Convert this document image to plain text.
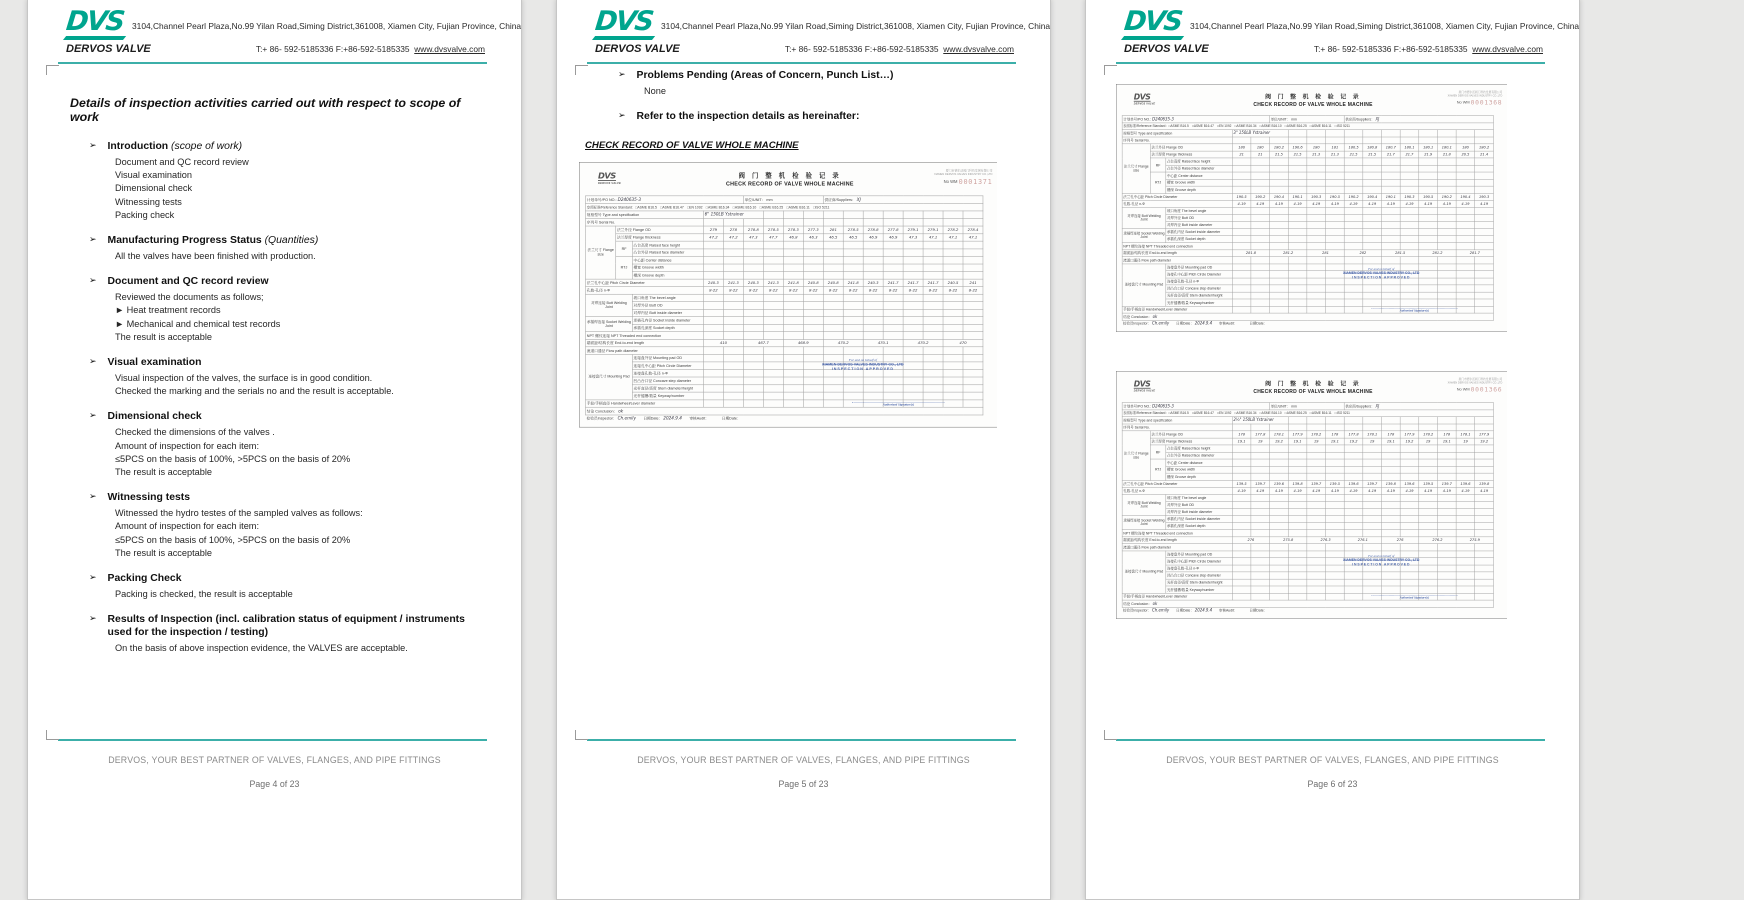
DVS
DERVOS VALVE
3104,Channel Pearl Plaza,No.99 Yilan Road,Siming District,361008, Xiamen City, Fujian Province, China
T:+ 86- 592-5185336 F:+86-592-5185335 www.dvsvalve.com
Details of inspection activities carried out with respect to scope of work
➢ Introduction (scope of work)
Document and QC record review
Visual examination
Dimensional check
Witnessing tests
Packing check
➢ Manufacturing Progress Status (Quantities)
All the valves have been finished with production.
➢ Document and QC record review
Reviewed the documents as follows;
► Heat treatment records
► Mechanical and chemical test records
The result is acceptable
➢ Visual examination
Visual inspection of the valves, the surface is in good condition.
Checked the marking and the serials no and the result is acceptable.
➢ Dimensional check
Checked the dimensions of the valves .
Amount of inspection for each item:
≤5PCS on the basis of 100%, >5PCS on the basis of 20%
The result is acceptable
➢ Witnessing tests
Witnessed the hydro testes of the sampled valves as follows:
Amount of inspection for each item:
≤5PCS on the basis of 100%, >5PCS on the basis of 20%
The result is acceptable
➢ Packing Check
Packing is checked, the result is acceptable
➢ Results of Inspection (incl. calibration status of equipment / instruments used for the inspection / testing)
On the basis of above inspection evidence, the VALVES are acceptable.
DERVOS, YOUR BEST PARTNER OF VALVES, FLANGES, AND PIPE FITTINGS
Page 4 of 23
DVS
DERVOS VALVE
3104,Channel Pearl Plaza,No.99 Yilan Road,Siming District,361008, Xiamen City, Fujian Province, China
T:+ 86- 592-5185336 F:+86-592-5185335 www.dvsvalve.com
➢ Problems Pending (Areas of Concern, Punch List…)
None
➢ Refer to the inspection details as hereinafter:
CHECK RECORD OF VALVE WHOLE MACHINE
DVS
DERVOS VALVE
阀 门 整 机 检 验 记 录
CHECK RECORD OF VALVE WHOLE MACHINE
厦门市德尔沃阀门科技发展有限公司
XIAMEN DERVOS VALVES INDUSTRY CO.,LTD
No WM 0001371
计划单号/PO NO.: D240635-3					单位/UNIT： mm				供应商/Suppliers： XJ							
参照标准/Reference Standard：□ASME B16.5　□ASME B16.47　□EN 1092　□ASME B16.34　□ASME B16.10　□ASME B16.25　□ASME B16.11　□ISO 5211																
规格型号 Type and specification			6" 150LB Ystrainer													
序列号 Serial No.																
法兰尺寸 Flange size	法兰外径 Flange OD		279	278	278.8	278.5	278.3	277.3	281	278.5	278.8	277.8	279.1	279.1	278.2	278.4
	法兰厚度 Flange thickness		47.2	47.2	47.3	47.7	46.8	46.3	46.5	46.5	46.9	46.9	47.3	47.1	47.1	47.1
	RF	凸台高度 Raised face height														
		凸台外径 Raised face diameter														
	RTJ	中心距 Center distance														
		槽宽 Groove width														
		槽深 Groove depth														
法兰孔中心距 Pitch Circle Diameter			240.3	241.3	240.3	241.3	241.8	240.8	240.8	241.8	240.3	241.7	241.7	241.7	240.5	241
孔数-孔径 n-Φ			8-22	8-22	8-22	8-22	8-22	8-22	8-22	8-22	8-22	8-22	8-22	8-22	8-22	8-22
对焊连接 Butt Welding Joint		坡口角度 The bevel angle														
		对焊外径 Butt OD														
		对焊内径 Butt inside diameter														
承插焊连接 Socket Welding Joint		承插孔内径 Socket inside diameter														
		承插孔深度 Socket depth														
NPT 螺纹连接 NPT Threaded end connection																
端面距/结构长度 End-to-end length			410		467.7		468.9		470.2		470.1		470.2		470	
流道口通径 Flow path diameter																
连接盘尺寸 Mounting Pad		连接盘外径 Mounting pad OD														
		连接孔中心距 Pitch Circle Diameter														
		连接盘孔数-孔径 n-Φ														
		凹凸台口径 Concave step diameter														
		光杆直径/高度 Stem diameter/height														
		光杆键槽/数量 Keyway/number														
手轮/手柄直径 Handwheel/Lever diameter																
结论 Conclusion： ok																
检验员Inspector： Ch.emily　　日期Date： 2024.9.4　　审核Audit：　　　　日期Date：																
For and on behalf of
XIAMEN DERVOS VALVES INDUSTRY CO., LTD
INSPECTION APPROVED
Authorized Signature(s)
DERVOS, YOUR BEST PARTNER OF VALVES, FLANGES, AND PIPE FITTINGS
Page 5 of 23
DVS
DERVOS VALVE
3104,Channel Pearl Plaza,No.99 Yilan Road,Siming District,361008, Xiamen City, Fujian Province, China
T:+ 86- 592-5185336 F:+86-592-5185335 www.dvsvalve.com
DVS
DERVOS VALVE
阀 门 整 机 检 验 记 录
CHECK RECORD OF VALVE WHOLE MACHINE
厦门市德尔沃阀门科技发展有限公司
XIAMEN DERVOS VALVES INDUSTRY CO.,LTD
No WM 0001368
计划单号/PO NO.: D240635-3					单位/UNIT： mm				供应商/Suppliers： XJ							
参照标准/Reference Standard：□ASME B16.5　□ASME B16.47　□EN 1092　□ASME B16.34　□ASME B16.10　□ASME B16.25　□ASME B16.11　□ISO 5211																
规格型号 Type and specification			3" 150LB Ystrainer													
序列号 Serial No.																
法兰尺寸 Flange size	法兰外径 Flange OD		180	180	180.2	190.6	180	181	180.5	180.8	180.7	180.1	180.1	180.1	180	180.2
	法兰厚度 Flange thickness		21	21	21.5	21.5	21.3	21.3	21.5	21.5	21.7	21.7	21.9	21.8	20.5	21.4
	RF	凸台高度 Raised face height														
		凸台外径 Raised face diameter														
	RTJ	中心距 Center distance														
		槽宽 Groove width														
		槽深 Groove depth														
法兰孔中心距 Pitch Circle Diameter			190.5	190.2	190.4	190.1	190.3	190.5	190.2	190.4	190.1	190.3	190.5	190.2	190.4	190.3
孔数-孔径 n-Φ			4-19	4-19	4-19	4-19	4-19	4-19	4-19	4-19	4-19	4-19	4-19	4-19	4-19	4-19
对焊连接 Butt Welding Joint		坡口角度 The bevel angle														
		对焊外径 Butt OD														
		对焊内径 Butt inside diameter														
承插焊连接 Socket Welding Joint		承插孔内径 Socket inside diameter														
		承插孔深度 Socket depth														
NPT 螺纹连接 NPT Threaded end connection																
端面距/结构长度 End-to-end length			281.8		281.2		281		282		281.5		281.2		281.7	
流道口通径 Flow path diameter																
连接盘尺寸 Mounting Pad		连接盘外径 Mounting pad OD														
		连接孔中心距 Pitch Circle Diameter														
		连接盘孔数-孔径 n-Φ														
		凹凸台口径 Concave step diameter														
		光杆直径/高度 Stem diameter/height														
		光杆键槽/数量 Keyway/number														
手轮/手柄直径 Handwheel/Lever diameter																
结论 Conclusion： ok																
检验员Inspector： Ch.emily　　日期Date： 2024.9.4　　审核Audit：　　　　日期Date：																
For and on behalf of
XIAMEN DERVOS VALVES INDUSTRY CO., LTD
INSPECTION APPROVED
Authorized Signature(s)
DVS
DERVOS VALVE
阀 门 整 机 检 验 记 录
CHECK RECORD OF VALVE WHOLE MACHINE
厦门市德尔沃阀门科技发展有限公司
XIAMEN DERVOS VALVES INDUSTRY CO.,LTD
No WM 0001366
计划单号/PO NO.: D240635-3					单位/UNIT： mm				供应商/Suppliers： XJ							
参照标准/Reference Standard：□ASME B16.5　□ASME B16.47　□EN 1092　□ASME B16.34　□ASME B16.10　□ASME B16.25　□ASME B16.11　□ISO 5211																
规格型号 Type and specification			2½" 150LB Ystrainer													
序列号 Serial No.																
法兰尺寸 Flange size	法兰外径 Flange OD		178	177.8	178.1	177.9	178.2	178	177.8	178.1	178	177.9	178.2	178	178.1	177.9
	法兰厚度 Flange thickness		19.1	19	19.2	19.1	19	19.1	19.2	19	19.1	19.2	19	19.1	19	19.2
	RF	凸台高度 Raised face height														
		凸台外径 Raised face diameter														
	RTJ	中心距 Center distance														
		槽宽 Groove width														
		槽深 Groove depth														
法兰孔中心距 Pitch Circle Diameter			139.5	139.7	139.6	139.8	139.7	139.5	139.6	139.7	139.8	139.6	139.5	139.7	139.6	139.8
孔数-孔径 n-Φ			4-19	4-19	4-19	4-19	4-19	4-19	4-19	4-19	4-19	4-19	4-19	4-19	4-19	4-19
对焊连接 Butt Welding Joint		坡口角度 The bevel angle														
		对焊外径 Butt OD														
		对焊内径 Butt inside diameter														
承插焊连接 Socket Welding Joint		承插孔内径 Socket inside diameter														
		承插孔深度 Socket depth														
NPT 螺纹连接 NPT Threaded end connection																
端面距/结构长度 End-to-end length			276		275.8		276.3		276.1		276		276.2		275.9	
流道口通径 Flow path diameter																
连接盘尺寸 Mounting Pad		连接盘外径 Mounting pad OD														
		连接孔中心距 Pitch Circle Diameter														
		连接盘孔数-孔径 n-Φ														
		凹凸台口径 Concave step diameter														
		光杆直径/高度 Stem diameter/height														
		光杆键槽/数量 Keyway/number														
手轮/手柄直径 Handwheel/Lever diameter																
结论 Conclusion： ok																
检验员Inspector： Ch.emily　　日期Date： 2024.9.4　　审核Audit：　　　　日期Date：																
For and on behalf of
XIAMEN DERVOS VALVES INDUSTRY CO., LTD
INSPECTION APPROVED
Authorized Signature(s)
DERVOS, YOUR BEST PARTNER OF VALVES, FLANGES, AND PIPE FITTINGS
Page 6 of 23
